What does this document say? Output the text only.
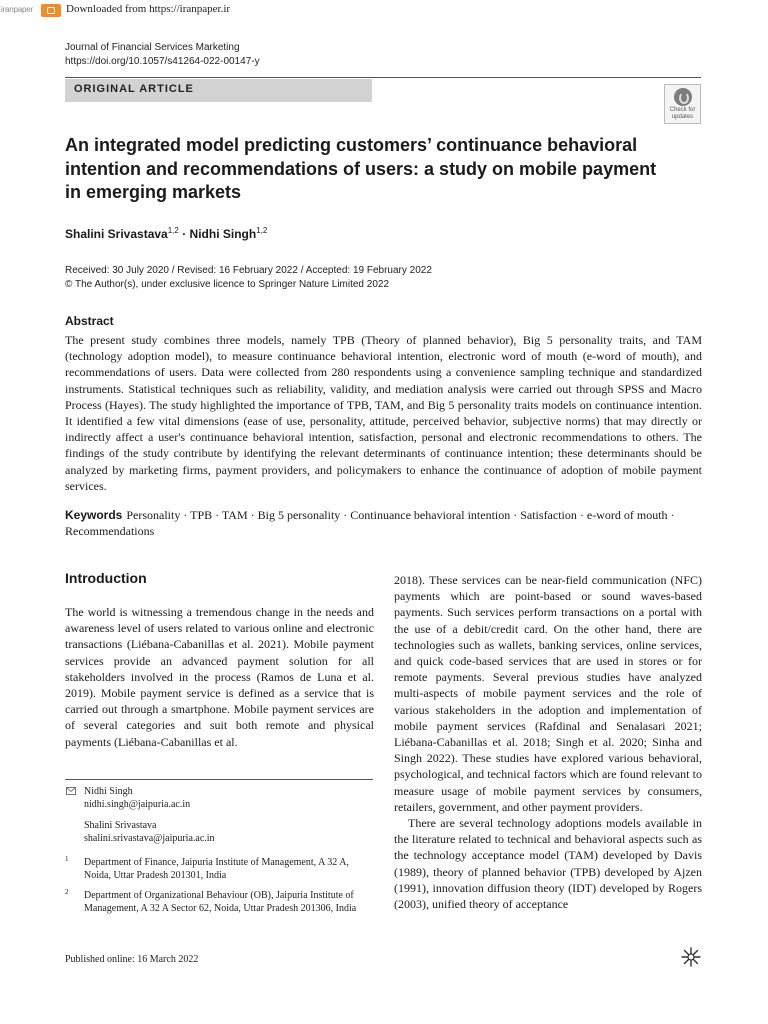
iranpaper	Downloaded from https://iranpaper.ir
Journal of Financial Services Marketing
https://doi.org/10.1057/s41264-022-00147-y
ORIGINAL ARTICLE
Check for
updates
An integrated model predicting customers’ continuance behavioral
intention and recommendations of users: a study on mobile payment
in emerging markets
Shalini Srivastava$^{1,2}$ · Nidhi Singh$^{1,2}$
Received: 30 July 2020 / Revised: 16 February 2022 / Accepted: 19 February 2022
© The Author(s), under exclusive licence to Springer Nature Limited 2022
Abstract
The present study combines three models, namely TPB (Theory of planned behavior), Big 5 personality traits, and TAM (technology adoption model), to measure continuance behavioral intention, electronic word of mouth (e-word of mouth), and recommendations of users. Data were collected from 280 respondents using a convenience sampling technique and standardized instruments. Statistical techniques such as reliability, validity, and mediation analysis were carried out through SPSS and Macro Process (Hayes). The study highlighted the importance of TPB, TAM, and Big 5 personality traits models on continuance intention. It identified a few vital dimensions (ease of use, personality, attitude, perceived behavior, subjective norms) that may directly or indirectly affect a user's continuance behavioral intention, satisfaction, personal and electronic recommendations to others. The findings of the study contribute by identifying the relevant determinants of continuance intention; these determinants should be analyzed by marketing firms, payment providers, and policymakers to enhance the continuance of adoption of mobile payment services.
Keywords Personality · TPB · TAM · Big 5 personality · Continuance behavioral intention · Satisfaction · e-word of mouth · Recommendations
Introduction

The world is witnessing a tremendous change in the needs and awareness level of users related to various online and electronic transactions (Liébana-Cabanillas et al. 2021). Mobile payment services provide an advanced payment solution for all stakeholders involved in the process (Ramos de Luna et al. 2019). Mobile payment service is defined as a service that is carried out through a smartphone. Mobile payment services are of several categories and suit both remote and physical payments (Liébana-Cabanillas et al.

2018). These services can be near-field communication (NFC) payments which are point-based or sound waves-based payments. Such services perform transactions on a portal with the use of a debit/credit card. On the other hand, there are technologies such as wallets, banking services, online services, and quick code-based services that are used in stores or for remote payments. Several previous studies have analyzed multi-aspects of mobile payment services and the role of various stakeholders in the adoption and implementation of mobile payment services (Rafdinal and Senalasari 2021; Liébana-Cabanillas et al. 2018; Singh et al. 2020; Sinha and Singh 2022). These studies have explored various behavioral, psychological, and technical factors which are found relevant to measure usage of mobile payment services by consumers, retailers, government, and other payment providers.

There are several technology adoptions models available in the literature related to technical and behavioral aspects such as the technology acceptance model (TAM) developed by Davis (1989), theory of planned behavior (TPB) developed by Ajzen (1991), innovation diffusion theory (IDT) developed by Rogers (2003), unified theory of acceptance

Nidhi Singh
nidhi.singh@jaipuria.ac.in
Shalini Srivastava
shalini.srivastava@jaipuria.ac.in
1 Department of Finance, Jaipuria Institute of Management, A 32 A, Noida, Uttar Pradesh 201301, India
2 Department of Organizational Behaviour (OB), Jaipuria Institute of Management, A 32 A Sector 62, Noida, Uttar Pradesh 201306, India
Published online: 16 March 2022
